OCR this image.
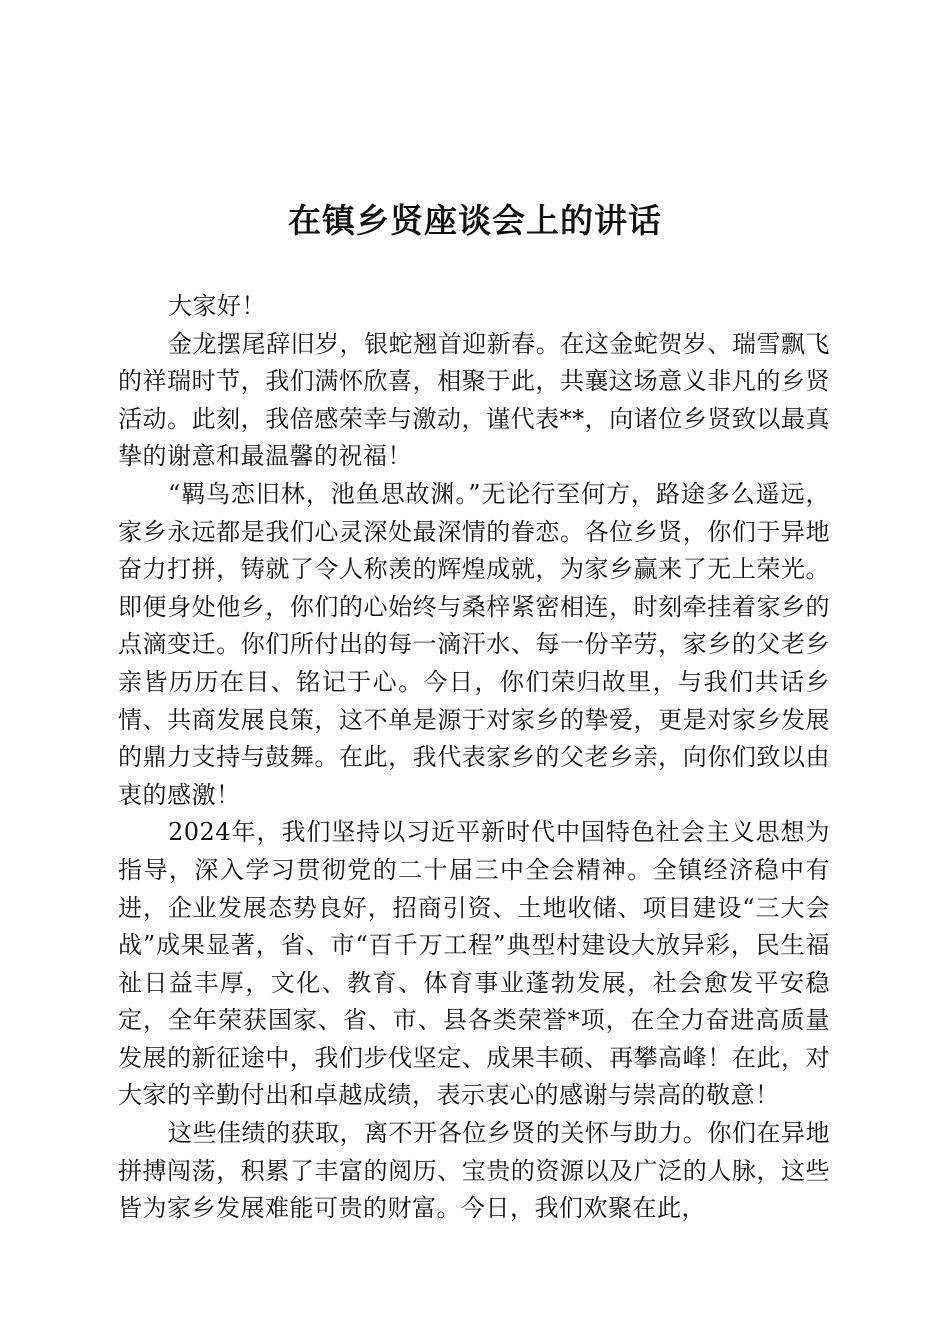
在镇乡贤座谈会上的讲话

大家好！

金龙摆尾辞旧岁，银蛇翘首迎新春。在这金蛇贺岁、瑞雪飘飞的祥瑞时节，我们满怀欣喜，相聚于此，共襄这场意义非凡的乡贤活动。此刻，我倍感荣幸与激动，谨代表**，向诸位乡贤致以最真挚的谢意和最温馨的祝福！

“羁鸟恋旧林，池鱼思故渊。”无论行至何方，路途多么遥远，家乡永远都是我们心灵深处最深情的眷恋。各位乡贤，你们于异地奋力打拼，铸就了令人称羡的辉煌成就，为家乡赢来了无上荣光。即便身处他乡，你们的心始终与桑梓紧密相连，时刻牵挂着家乡的点滴变迁。你们所付出的每一滴汗水、每一份辛劳，家乡的父老乡亲皆历历在目、铭记于心。今日，你们荣归故里，与我们共话乡情、共商发展良策，这不单是源于对家乡的挚爱，更是对家乡发展的鼎力支持与鼓舞。在此，我代表家乡的父老乡亲，向你们致以由衷的感激！

2024年，我们坚持以习近平新时代中国特色社会主义思想为指导，深入学习贯彻党的二十届三中全会精神。全镇经济稳中有进，企业发展态势良好，招商引资、土地收储、项目建设“三大会战”成果显著，省、市“百千万工程”典型村建设大放异彩，民生福祉日益丰厚，文化、教育、体育事业蓬勃发展，社会愈发平安稳定，全年荣获国家、省、市、县各类荣誉*项，在全力奋进高质量发展的新征途中，我们步伐坚定、成果丰硕、再攀高峰！在此，对大家的辛勤付出和卓越成绩，表示衷心的感谢与崇高的敬意！

这些佳绩的获取，离不开各位乡贤的关怀与助力。你们在异地拼搏闯荡，积累了丰富的阅历、宝贵的资源以及广泛的人脉，这些皆为家乡发展难能可贵的财富。今日，我们欢聚在此，
